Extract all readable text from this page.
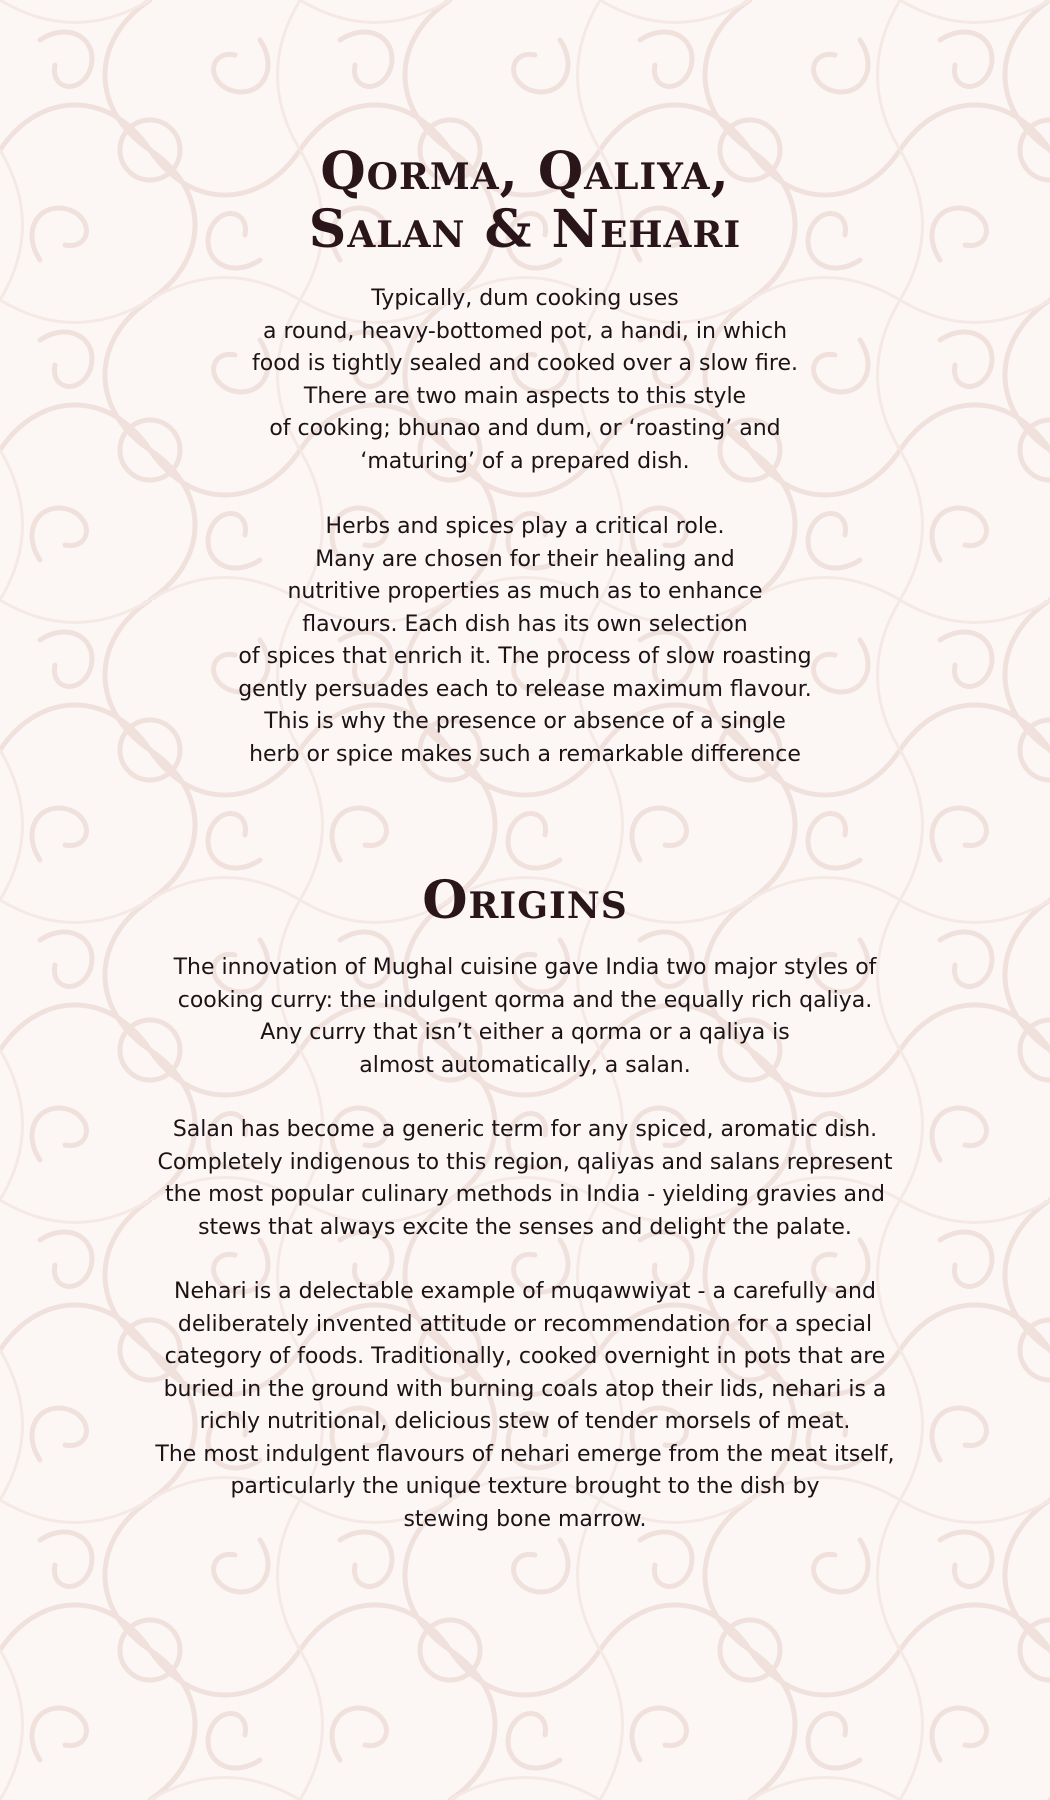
Qorma, Qaliya,
Salan & Nehari
Typically, dum cooking uses
a round, heavy-bottomed pot, a handi, in which
food is tightly sealed and cooked over a slow fire.
There are two main aspects to this style
of cooking; bhunao and dum, or ‘roasting’ and
‘maturing’ of a prepared dish.
Herbs and spices play a critical role.
Many are chosen for their healing and
nutritive properties as much as to enhance
flavours. Each dish has its own selection
of spices that enrich it. The process of slow roasting
gently persuades each to release maximum flavour.
This is why the presence or absence of a single
herb or spice makes such a remarkable difference
Origins
The innovation of Mughal cuisine gave India two major styles of
cooking curry: the indulgent qorma and the equally rich qaliya.
Any curry that isn’t either a qorma or a qaliya is
almost automatically, a salan.
Salan has become a generic term for any spiced, aromatic dish.
Completely indigenous to this region, qaliyas and salans represent
the most popular culinary methods in India - yielding gravies and
stews that always excite the senses and delight the palate.
Nehari is a delectable example of muqawwiyat - a carefully and
deliberately invented attitude or recommendation for a special
category of foods. Traditionally, cooked overnight in pots that are
buried in the ground with burning coals atop their lids, nehari is a
richly nutritional, delicious stew of tender morsels of meat.
The most indulgent flavours of nehari emerge from the meat itself,
particularly the unique texture brought to the dish by
stewing bone marrow.
